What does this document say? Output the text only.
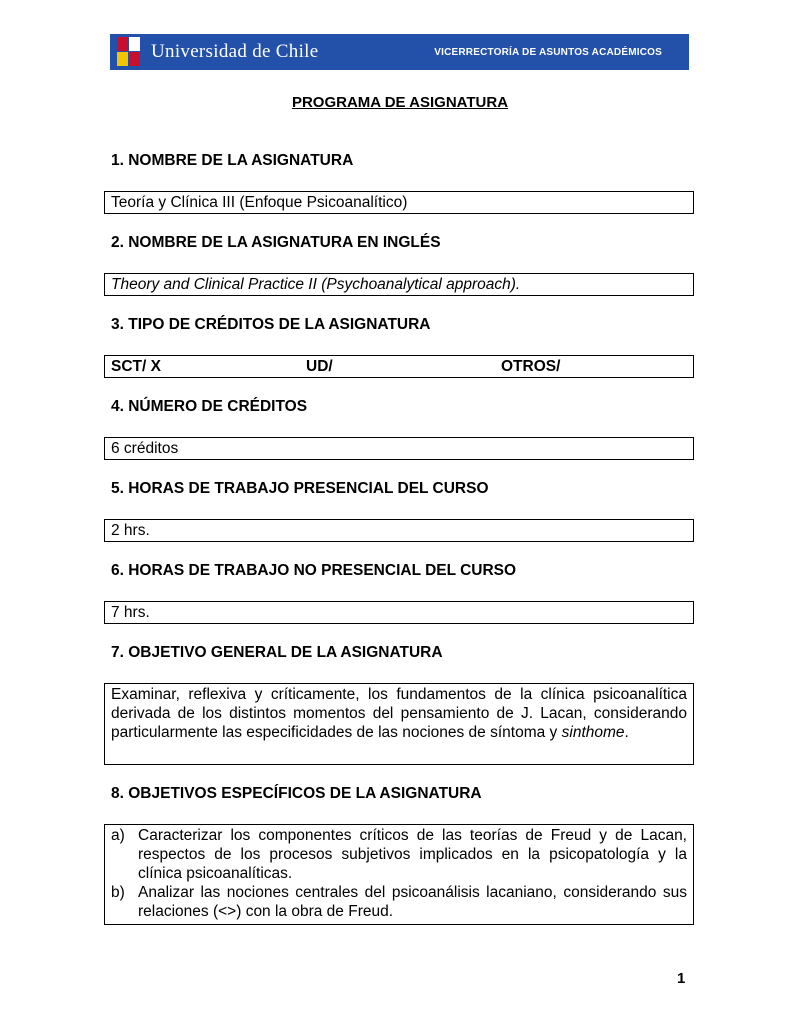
Universidad de Chile	VICERRECTORÍA DE ASUNTOS ACADÉMICOS
PROGRAMA DE ASIGNATURA
1. NOMBRE DE LA ASIGNATURA
Teoría y Clínica III (Enfoque Psicoanalítico)
2. NOMBRE DE LA ASIGNATURA EN INGLÉS
Theory and Clinical Practice II (Psychoanalytical approach).
3. TIPO DE CRÉDITOS DE LA ASIGNATURA
SCT/ X	UD/	OTROS/
4. NÚMERO DE CRÉDITOS
6 créditos
5. HORAS DE TRABAJO PRESENCIAL DEL CURSO
2 hrs.
6. HORAS DE TRABAJO NO PRESENCIAL DEL CURSO
7 hrs.
7. OBJETIVO GENERAL DE LA ASIGNATURA
Examinar, reflexiva y críticamente, los fundamentos de la clínica psicoanalítica derivada de los distintos momentos del pensamiento de J. Lacan, considerando particularmente las especificidades de las nociones de síntoma y sinthome.
8. OBJETIVOS ESPECÍFICOS DE LA ASIGNATURA
a) Caracterizar los componentes críticos de las teorías de Freud y de Lacan, respectos de los procesos subjetivos implicados en la psicopatología y la clínica psicoanalíticas.
b) Analizar las nociones centrales del psicoanálisis lacaniano, considerando sus relaciones (<>) con la obra de Freud.
1
